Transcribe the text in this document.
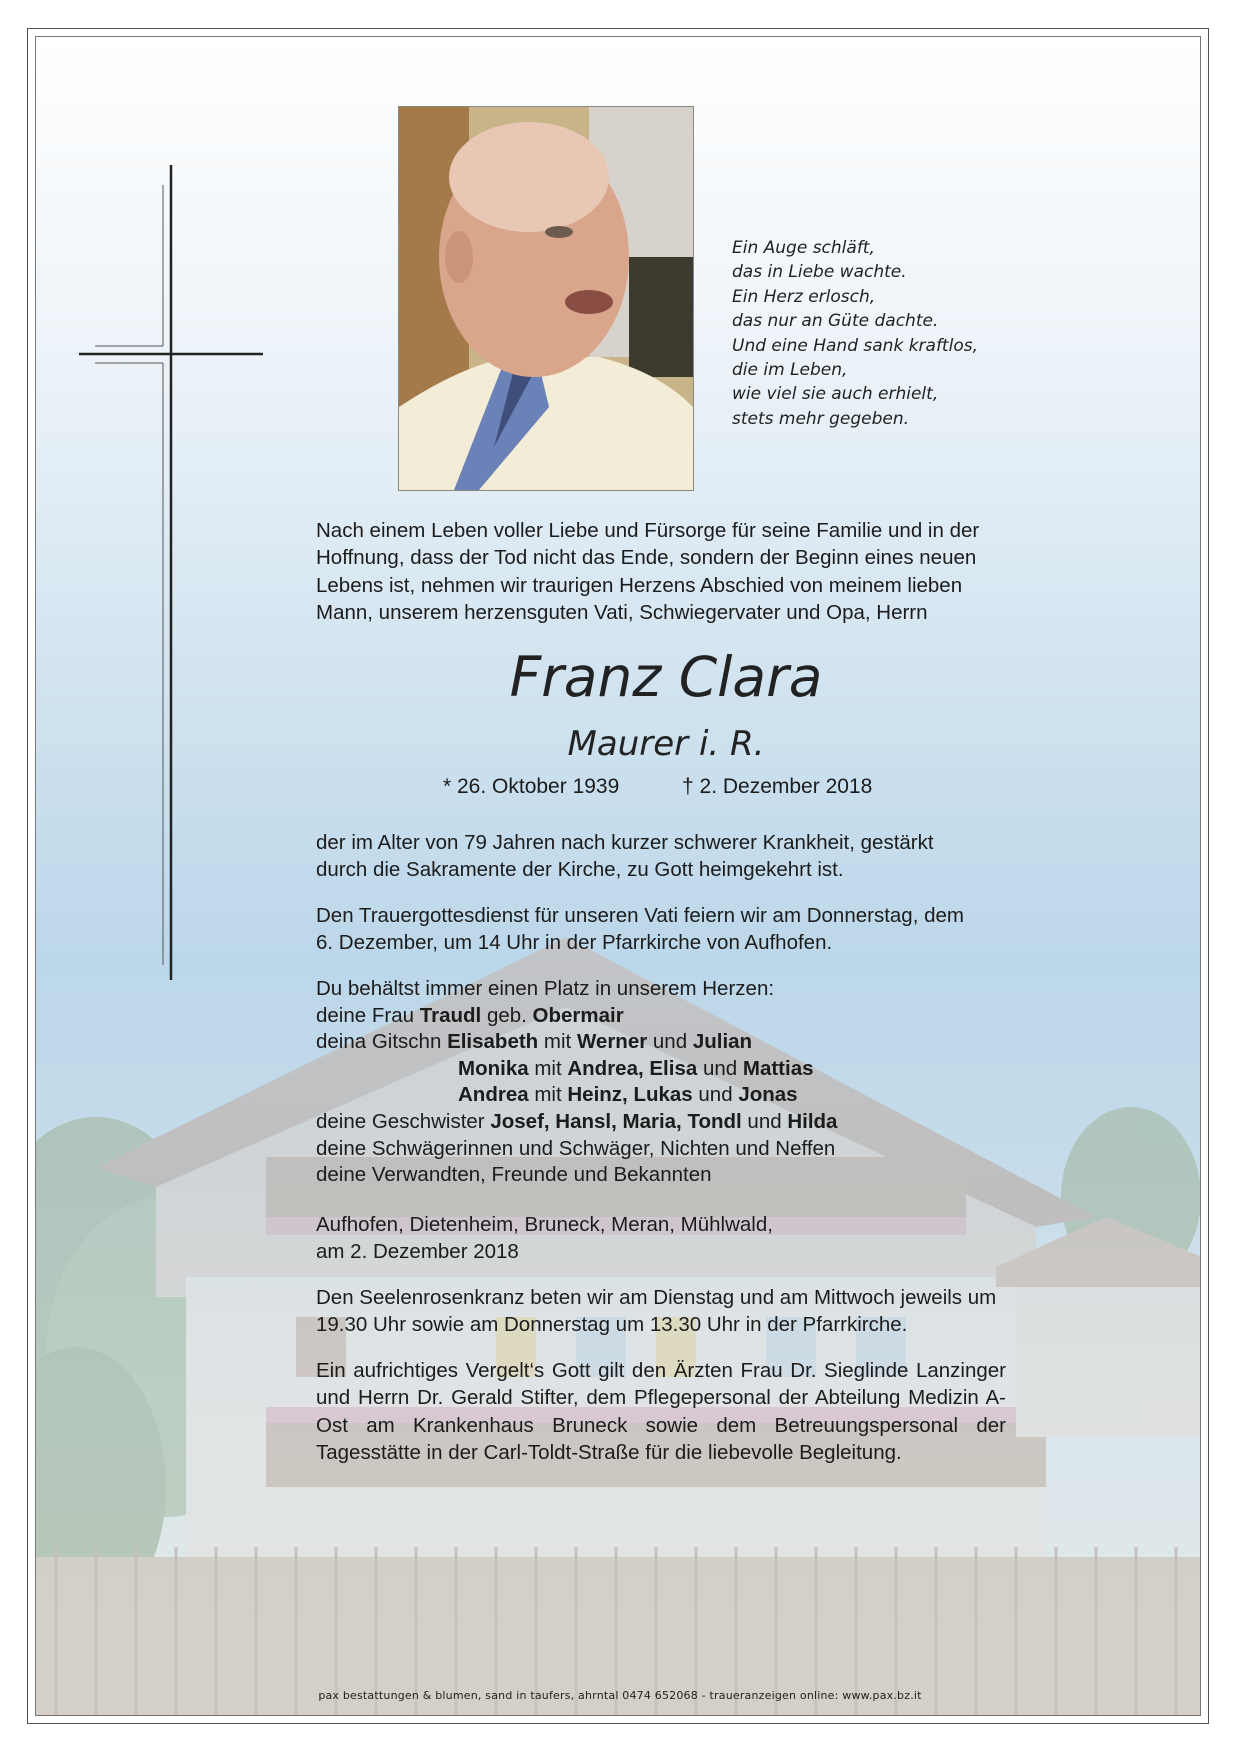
Ein Auge schläft,
das in Liebe wachte.
Ein Herz erlosch,
das nur an Güte dachte.
Und eine Hand sank kraftlos,
die im Leben,
wie viel sie auch erhielt,
stets mehr gegeben.
Nach einem Leben voller Liebe und Fürsorge für seine Familie und in der
Hoffnung, dass der Tod nicht das Ende, sondern der Beginn eines neuen
Lebens ist, nehmen wir traurigen Herzens Abschied von meinem lieben
Mann, unserem herzensguten Vati, Schwiegervater und Opa, Herrn
Franz Clara
Maurer i. R.
* 26. Oktober 1939	† 2. Dezember 2018
der im Alter von 79 Jahren nach kurzer schwerer Krankheit, gestärkt
durch die Sakramente der Kirche, zu Gott heimgekehrt ist.
Den Trauergottesdienst für unseren Vati feiern wir am Donnerstag, dem
6. Dezember, um 14 Uhr in der Pfarrkirche von Aufhofen.
Du behältst immer einen Platz in unserem Herzen:
deine Frau Traudl geb. Obermair
deina Gitschn Elisabeth mit Werner und Julian
Monika mit Andrea, Elisa und Mattias
Andrea mit Heinz, Lukas und Jonas
deine Geschwister Josef, Hansl, Maria, Tondl und Hilda
deine Schwägerinnen und Schwäger, Nichten und Neffen
deine Verwandten, Freunde und Bekannten
Aufhofen, Dietenheim, Bruneck, Meran, Mühlwald,
am 2. Dezember 2018
Den Seelenrosenkranz beten wir am Dienstag und am Mittwoch jeweils um
19.30 Uhr sowie am Donnerstag um 13.30 Uhr in der Pfarrkirche.
Ein aufrichtiges Vergelt‘s Gott gilt den Ärzten Frau Dr. Sieglinde Lanzinger und Herrn Dr. Gerald Stifter, dem Pflegepersonal der Abteilung Medizin A-Ost am Krankenhaus Bruneck sowie dem Betreuungspersonal der Tagesstätte in der Carl-Toldt-Straße für die liebevolle Begleitung.
pax bestattungen & blumen, sand in taufers, ahrntal 0474 652068 - traueranzeigen online: www.pax.bz.it
